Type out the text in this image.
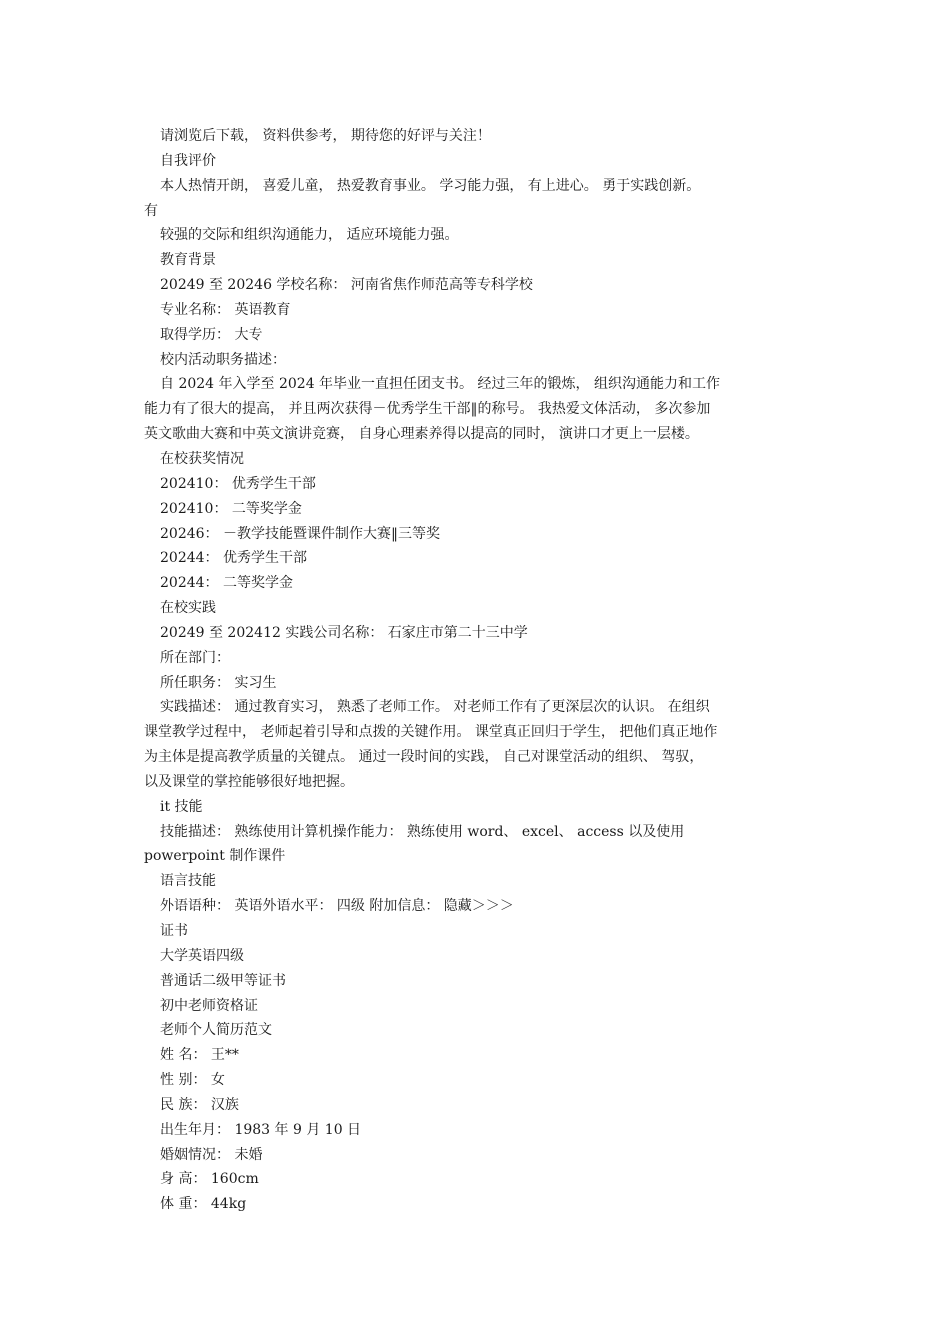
请浏览后下载， 资料供参考， 期待您的好评与关注！
自我评价
本人热情开朗， 喜爱儿童， 热爱教育事业。 学习能力强， 有上进心。 勇于实践创新。
有
较强的交际和组织沟通能力， 适应环境能力强。
教育背景
20249 至 20246 学校名称： 河南省焦作师范高等专科学校
专业名称： 英语教育
取得学历： 大专
校内活动职务描述：
自 2024 年入学至 2024 年毕业一直担任团支书。 经过三年的锻炼， 组织沟通能力和工作
能力有了很大的提高， 并且两次获得－优秀学生干部‖的称号。 我热爱文体活动， 多次参加
英文歌曲大赛和中英文演讲竞赛， 自身心理素养得以提高的同时， 演讲口才更上一层楼。
在校获奖情况
202410： 优秀学生干部
202410： 二等奖学金
20246： －教学技能暨课件制作大赛‖三等奖
20244： 优秀学生干部
20244： 二等奖学金
在校实践
20249 至 202412 实践公司名称： 石家庄市第二十三中学
所在部门：
所任职务： 实习生
实践描述： 通过教育实习， 熟悉了老师工作。 对老师工作有了更深层次的认识。 在组织
课堂教学过程中， 老师起着引导和点拨的关键作用。 课堂真正回归于学生， 把他们真正地作
为主体是提高教学质量的关键点。 通过一段时间的实践， 自己对课堂活动的组织、 驾驭，
以及课堂的掌控能够很好地把握。
it 技能
技能描述： 熟练使用计算机操作能力： 熟练使用 word、 excel、 access 以及使用
powerpoint 制作课件
语言技能
外语语种： 英语外语水平： 四级 附加信息： 隐藏＞＞＞
证书
大学英语四级
普通话二级甲等证书
初中老师资格证
老师个人简历范文
姓 名： 王**
性 别： 女
民 族： 汉族
出生年月： 1983 年 9 月 10 日
婚姻情况： 未婚
身 高： 160cm
体 重： 44kg
